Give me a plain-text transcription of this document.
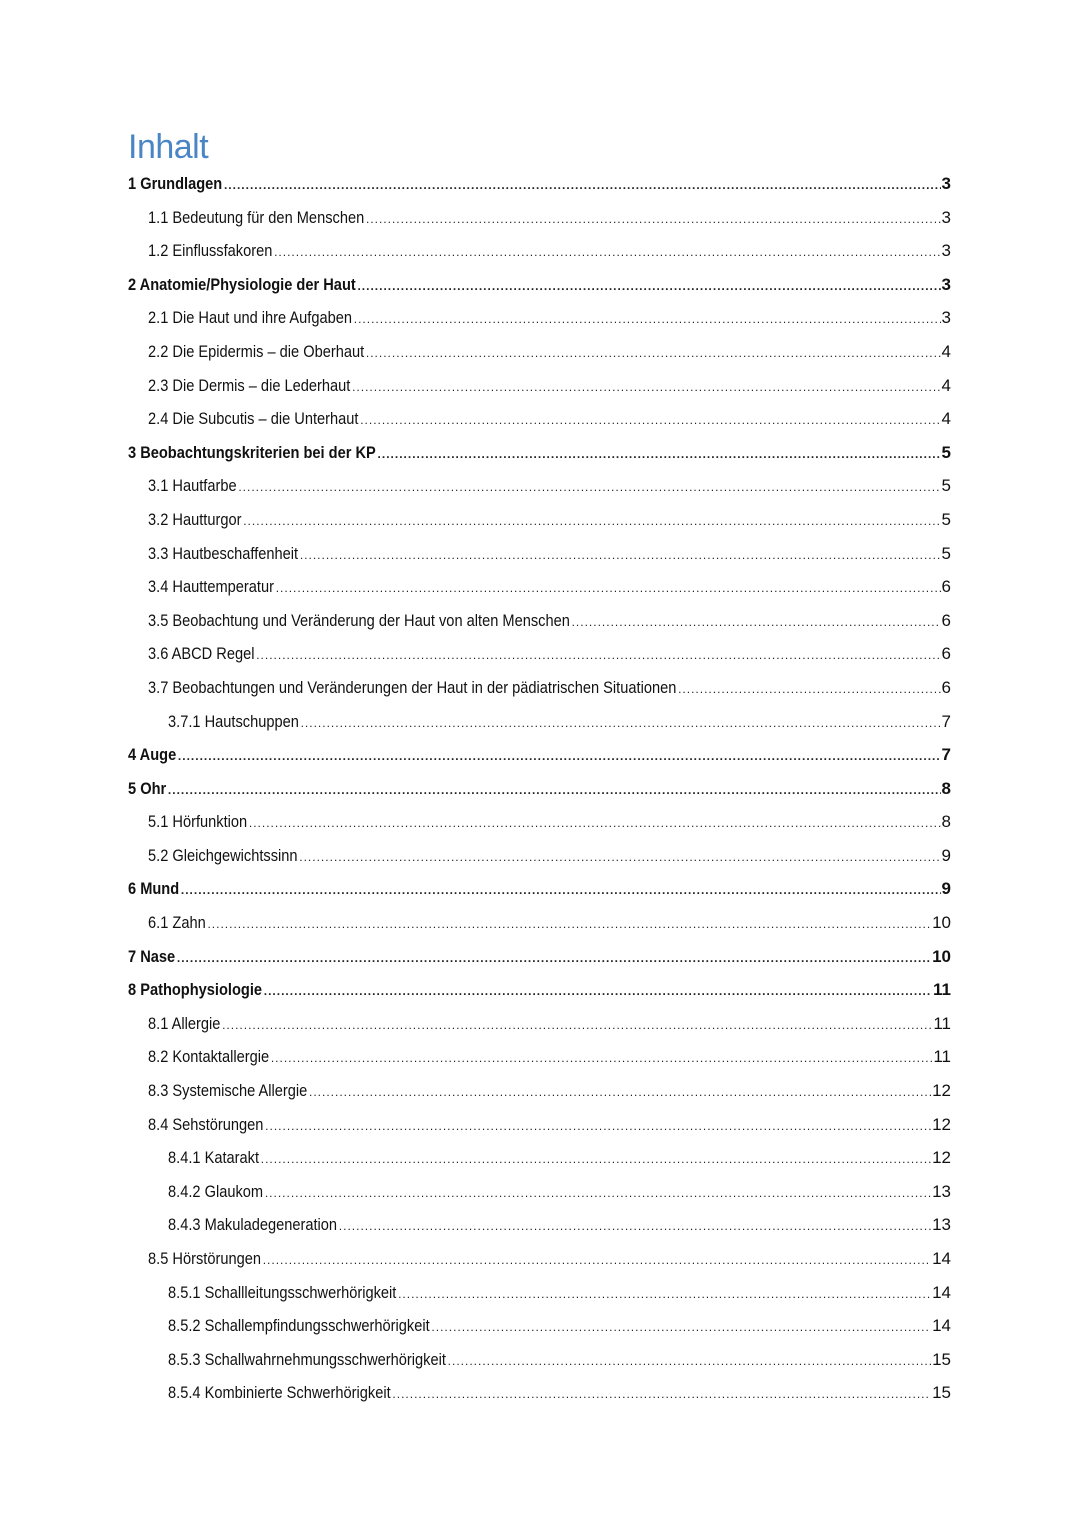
Inhalt
1 Grundlagen .....	3
1.1 Bedeutung für den Menschen .....	3
1.2 Einflussfakoren .....	3
2 Anatomie/Physiologie der Haut .....	3
2.1 Die Haut und ihre Aufgaben .....	3
2.2 Die Epidermis – die Oberhaut .....	4
2.3 Die Dermis – die Lederhaut .....	4
2.4 Die Subcutis – die Unterhaut .....	4
3 Beobachtungskriterien bei der KP .....	5
3.1 Hautfarbe .....	5
3.2 Hautturgor .....	5
3.3 Hautbeschaffenheit .....	5
3.4 Hauttemperatur .....	6
3.5 Beobachtung und Veränderung der Haut von alten Menschen .....	6
3.6 ABCD Regel .....	6
3.7 Beobachtungen und Veränderungen der Haut in der pädiatrischen Situationen .....	6
3.7.1 Hautschuppen .....	7
4 Auge .....	7
5 Ohr .....	8
5.1 Hörfunktion .....	8
5.2 Gleichgewichtssinn .....	9
6 Mund .....	9
6.1 Zahn .....	10
7 Nase .....	10
8 Pathophysiologie .....	11
8.1 Allergie .....	11
8.2 Kontaktallergie .....	11
8.3 Systemische Allergie .....	12
8.4 Sehstörungen .....	12
8.4.1 Katarakt .....	12
8.4.2 Glaukom .....	13
8.4.3 Makuladegeneration .....	13
8.5 Hörstörungen .....	14
8.5.1 Schallleitungsschwerhörigkeit .....	14
8.5.2 Schallempfindungsschwerhörigkeit .....	14
8.5.3 Schallwahrnehmungsschwerhörigkeit .....	15
8.5.4 Kombinierte Schwerhörigkeit .....	15
